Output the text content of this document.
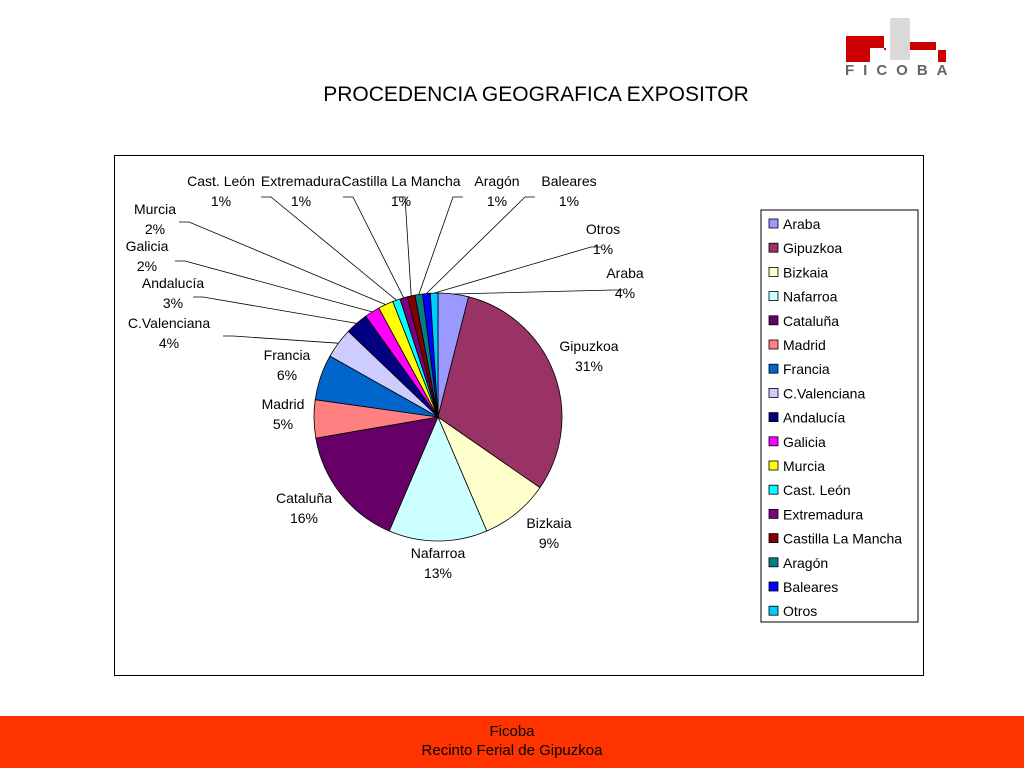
FICOBA
PROCEDENCIA GEOGRAFICA EXPOSITOR
Araba
4%
Gipuzkoa
31%
Bizkaia
9%
Nafarroa
13%
Cataluña
16%
Madrid
5%
Francia
6%
C.Valenciana
4%
Andalucía
3%
Galicia
2%
Murcia
2%
Cast. León
1%
Extremadura
1%
Castilla La Mancha
1%
Aragón
1%
Baleares
1%
Otros
1%
Araba
Gipuzkoa
Bizkaia
Nafarroa
Cataluña
Madrid
Francia
C.Valenciana
Andalucía
Galicia
Murcia
Cast. León
Extremadura
Castilla La Mancha
Aragón
Baleares
Otros
Ficoba
Recinto Ferial de Gipuzkoa
